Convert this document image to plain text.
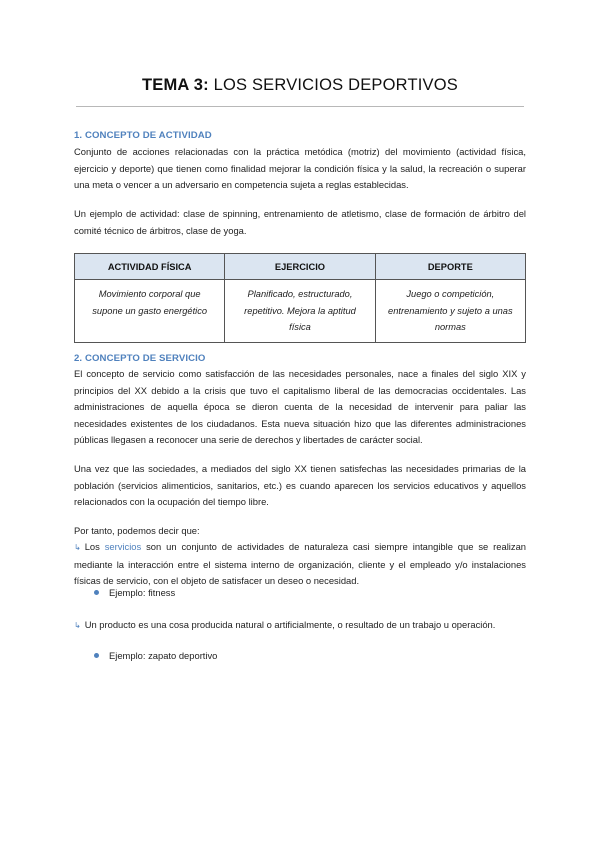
TEMA 3: LOS SERVICIOS DEPORTIVOS
1. CONCEPTO DE ACTIVIDAD
Conjunto de acciones relacionadas con la práctica metódica (motriz) del movimiento (actividad física, ejercicio y deporte) que tienen como finalidad mejorar la condición física y la salud, la recreación o superar una meta o vencer a un adversario en competencia sujeta a reglas establecidas.
Un ejemplo de actividad: clase de spinning, entrenamiento de atletismo, clase de formación de árbitro del comité técnico de árbitros, clase de yoga.
ACTIVIDAD FÍSICA	EJERCICIO	DEPORTE
Movimiento corporal que supone un gasto energético	Planificado, estructurado, repetitivo. Mejora la aptitud física	Juego o competición, entrenamiento y sujeto a unas normas
2. CONCEPTO DE SERVICIO
El concepto de servicio como satisfacción de las necesidades personales, nace a finales del siglo XIX y principios del XX debido a la crisis que tuvo el capitalismo liberal de las democracias occidentales. Las administraciones de aquella época se dieron cuenta de la necesidad de intervenir para paliar las necesidades existentes de los ciudadanos. Esta nueva situación hizo que las diferentes administraciones públicas llegasen a reconocer una serie de derechos y libertades de carácter social.
Una vez que las sociedades, a mediados del siglo XX tienen satisfechas las necesidades primarias de la población (servicios alimenticios, sanitarios, etc.) es cuando aparecen los servicios educativos y aquellos relacionados con la ocupación del tiempo libre.
Por tanto, podemos decir que:
↳ Los servicios son un conjunto de actividades de naturaleza casi siempre intangible que se realizan mediante la interacción entre el sistema interno de organización, cliente y el empleado y/o instalaciones físicas de servicio, con el objeto de satisfacer un deseo o necesidad.
Ejemplo: fitness
↳ Un producto es una cosa producida natural o artificialmente, o resultado de un trabajo u operación.
Ejemplo: zapato deportivo
